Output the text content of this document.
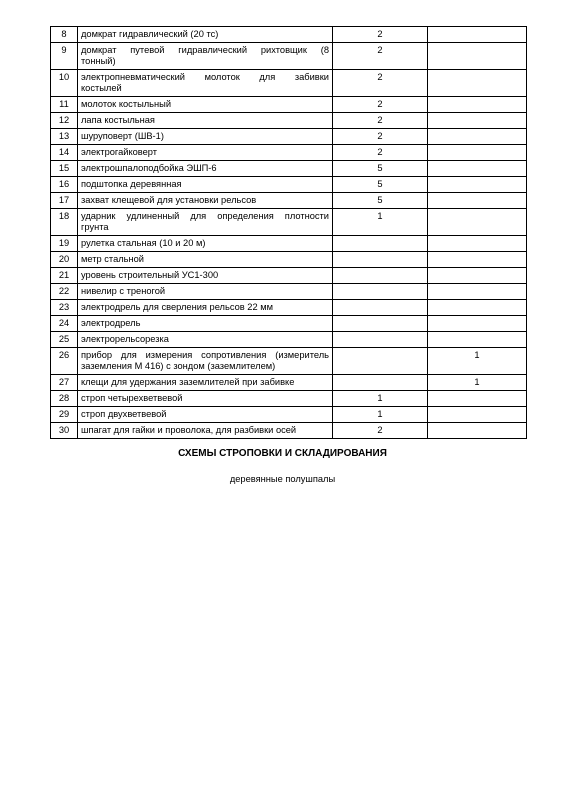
8	домкрат гидравлический (20 тс)	2	
9	домкрат путевой гидравлический рихтовщик (8
тонный)	2	
10	электропневматический молоток для забивки
костылей	2	
11	молоток костыльный	2	
12	лапа костыльная	2	
13	шуруповерт (ШВ-1)	2	
14	электрогайковерт	2	
15	электрошпалоподбойка ЭШП-6	5	
16	подштопка деревянная	5	
17	захват клещевой для установки рельсов	5	
18	ударник удлиненный для определения плотности
грунта	1	
19	рулетка стальная (10 и 20 м)		

20	метр стальной		

21	уровень строительный УС1-300		

22	нивелир с треногой		

23	электродрель для сверления рельсов 22 мм		

24	электродрель		

25	электрорельсорезка		

26	прибор для измерения сопротивления (измеритель
заземления М 416) с зондом (заземлителем)		1
27	клещи для удержания заземлителей при забивке		1
28	строп четырехветвевой	1	
29	строп двухветвевой	1	
30	шпагат для гайки и проволока, для разбивки осей	2	
СХЕМЫ СТРОПОВКИ И СКЛАДИРОВАНИЯ
деревянные полушпалы
